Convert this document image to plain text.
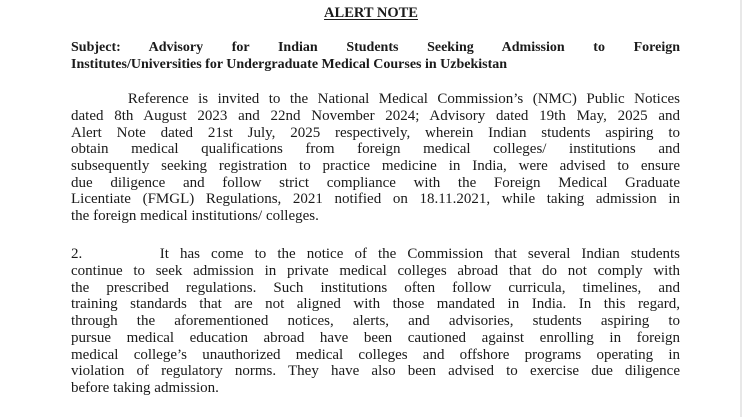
ALERT NOTE
Subject: Advisory for Indian Students Seeking Admission to Foreign
Institutes/Universities for Undergraduate Medical Courses in Uzbekistan
Reference is invited to the National Medical Commission’s (NMC) Public Notices
dated 8th August 2023 and 22nd November 2024; Advisory dated 19th May, 2025 and
Alert Note dated 21st July, 2025 respectively, wherein Indian students aspiring to
obtain medical qualifications from foreign medical colleges/ institutions and
subsequently seeking registration to practice medicine in India, were advised to ensure
due diligence and follow strict compliance with the Foreign Medical Graduate
Licentiate (FMGL) Regulations, 2021 notified on 18.11.2021, while taking admission in
the foreign medical institutions/ colleges.
2.       It has come to the notice of the Commission that several Indian students
continue to seek admission in private medical colleges abroad that do not comply with
the prescribed regulations. Such institutions often follow curricula, timelines, and
training standards that are not aligned with those mandated in India. In this regard,
through the aforementioned notices, alerts, and advisories, students aspiring to
pursue medical education abroad have been cautioned against enrolling in foreign
medical college’s unauthorized medical colleges and offshore programs operating in
violation of regulatory norms. They have also been advised to exercise due diligence
before taking admission.
